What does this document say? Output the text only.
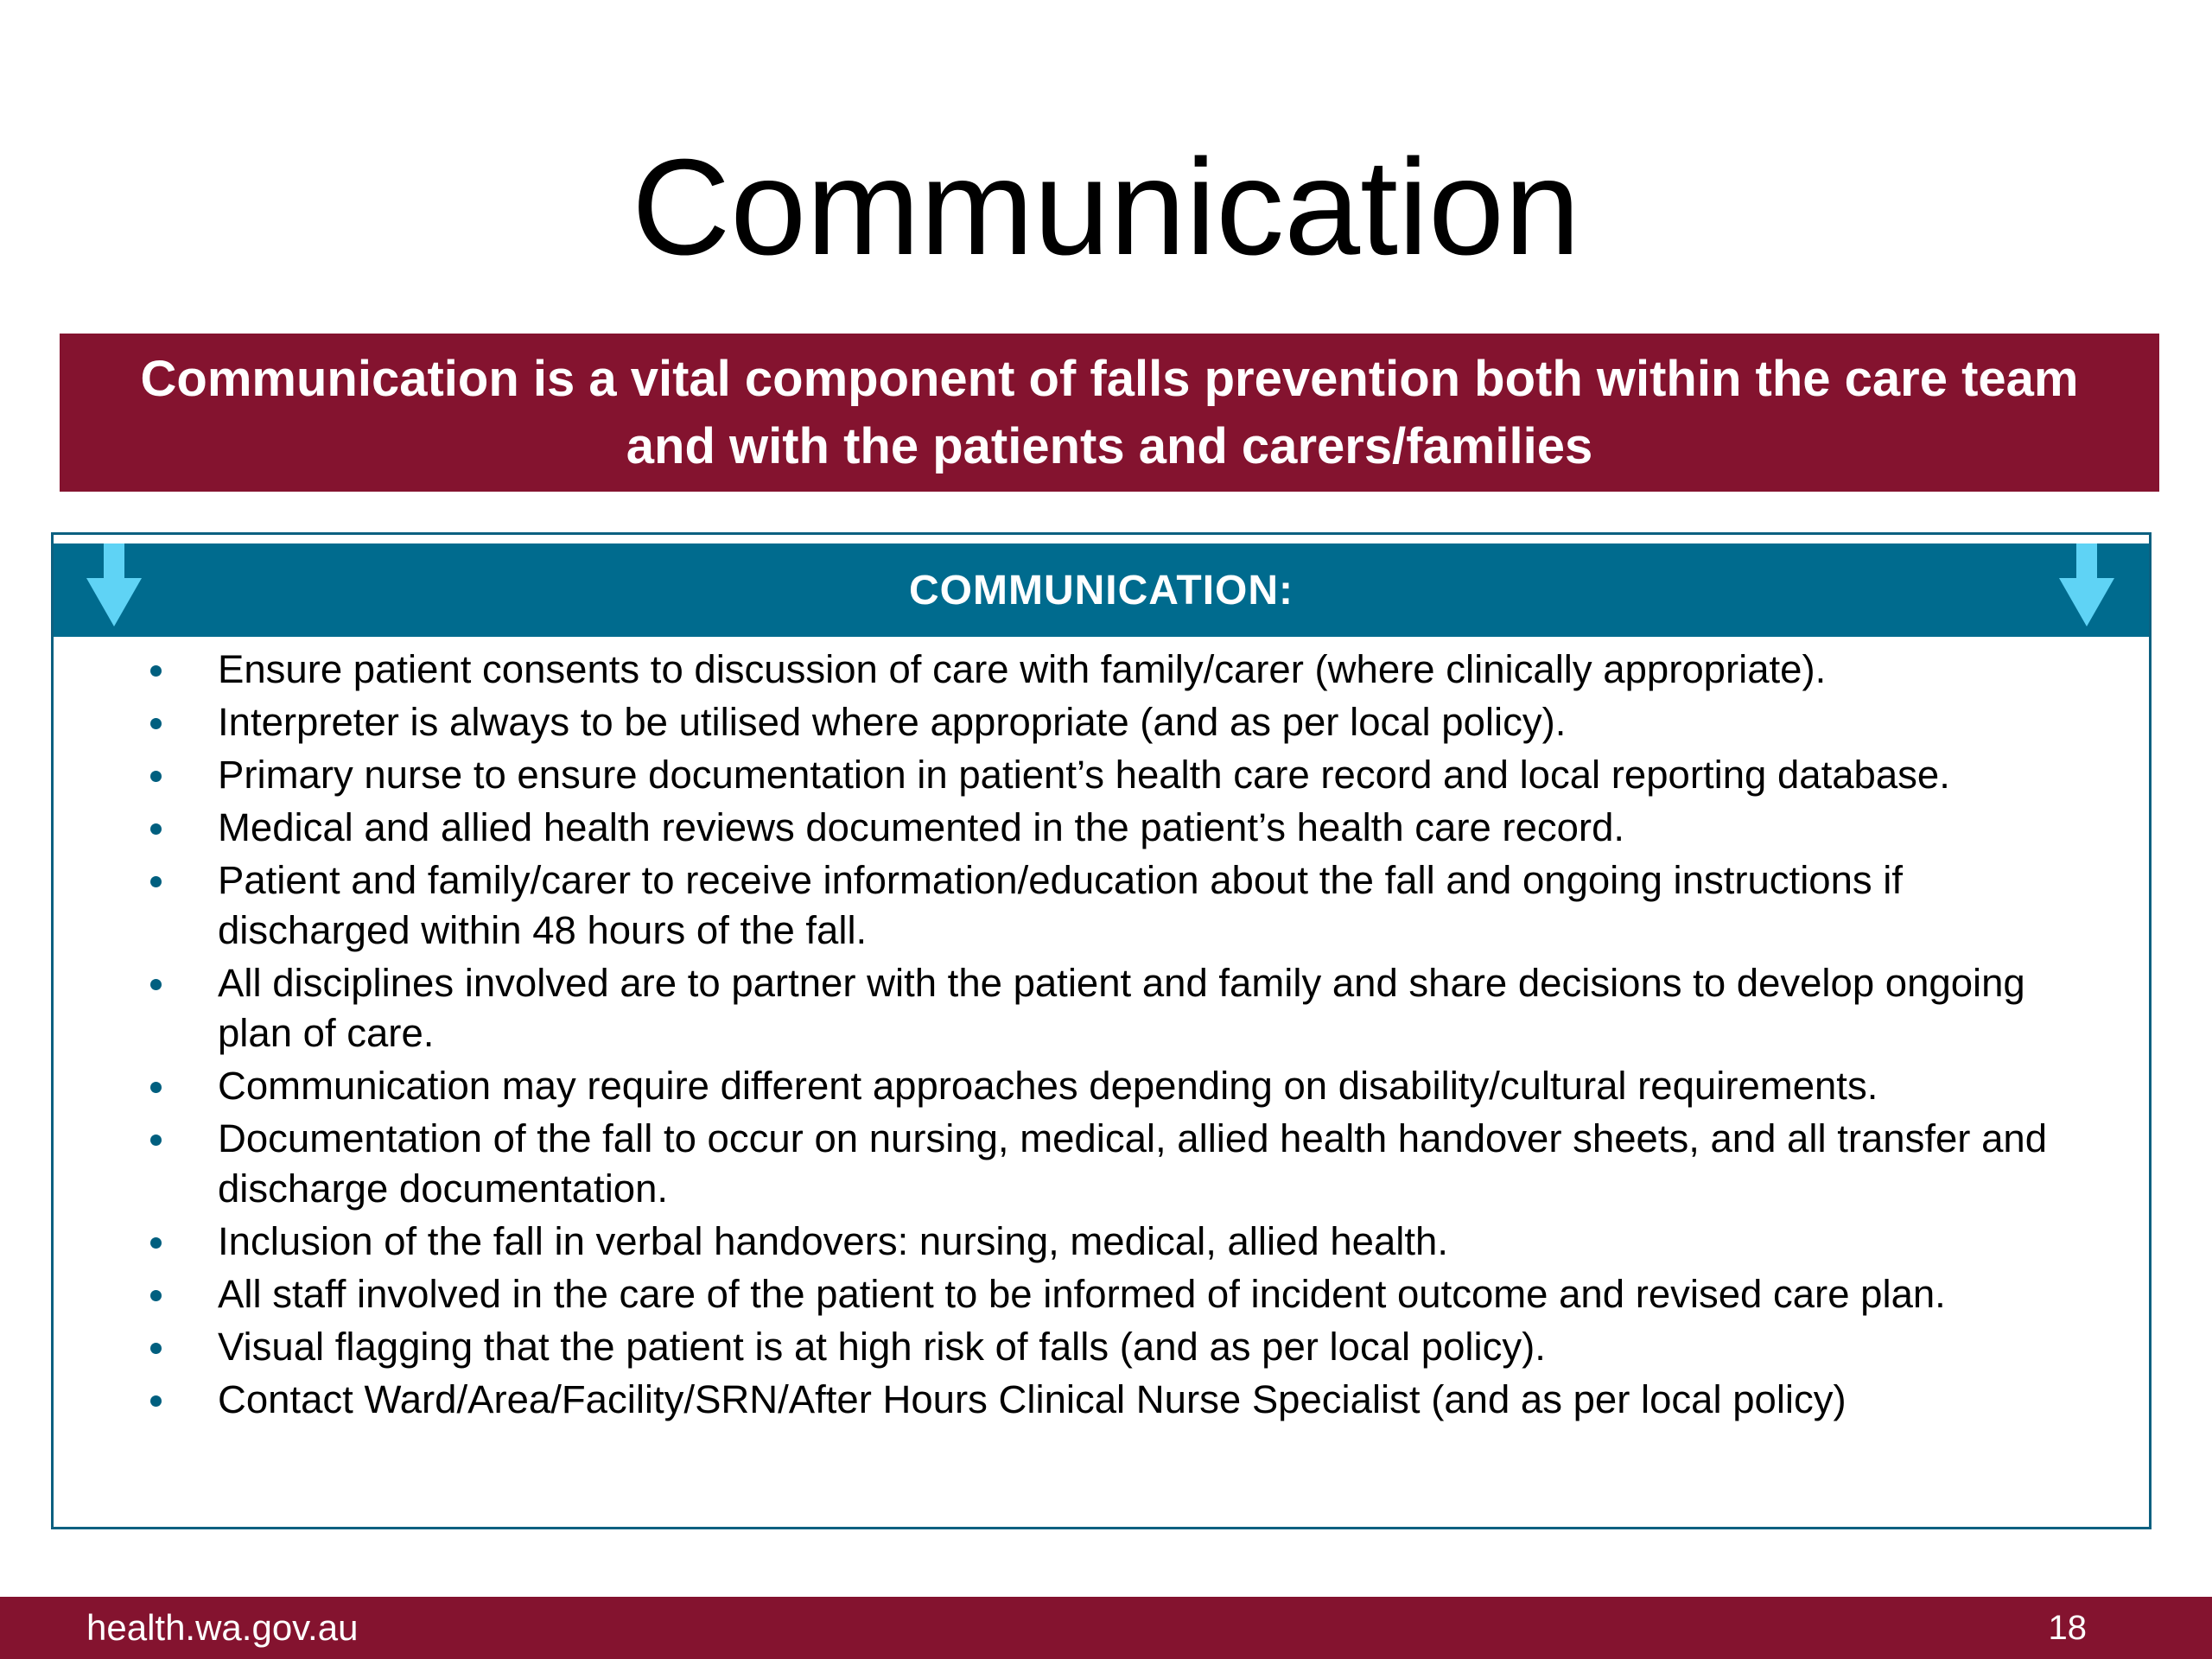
Communication
Communication is a vital component of falls prevention both within the care team and with the patients and carers/families
COMMUNICATION:
Ensure patient consents to discussion of care with family/carer (where clinically appropriate).
Interpreter is always to be utilised where appropriate (and as per local policy).
Primary nurse to ensure documentation in patient’s health care record and local reporting database.
Medical and allied health reviews documented in the patient’s health care record.
Patient and family/carer to receive information/education about the fall and ongoing instructions if discharged within 48 hours of the fall.
All disciplines involved are to partner with the patient and family and share decisions to develop ongoing plan of care.
Communication may require different approaches depending on disability/cultural requirements.
Documentation of the fall to occur on nursing, medical, allied health handover sheets, and all transfer and discharge documentation.
Inclusion of the fall in verbal handovers: nursing, medical, allied health.
All staff involved in the care of the patient to be informed of incident outcome and revised care plan.
Visual flagging that the patient is at high risk of falls (and as per local policy).
Contact Ward/Area/Facility/SRN/After Hours Clinical Nurse Specialist (and as per local policy)
health.wa.gov.au	18
